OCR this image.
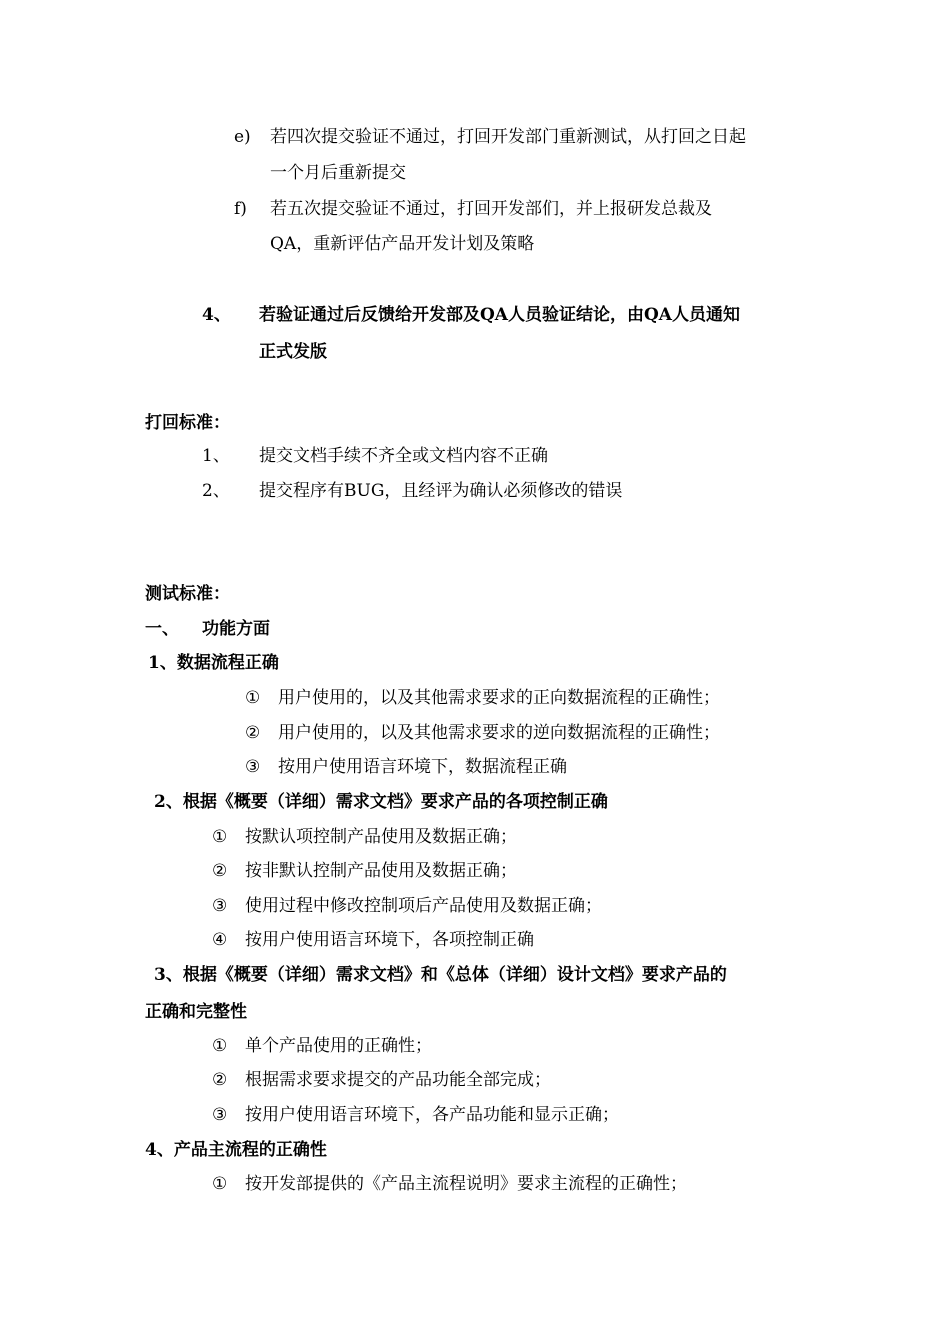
e) 若四次提交验证不通过，打回开发部门重新测试，从打回之日起
一个月后重新提交
f) 若五次提交验证不通过，打回开发部们，并上报研发总裁及
QA，重新评估产品开发计划及策略
4、 若验证通过后反馈给开发部及QA人员验证结论，由QA人员通知
正式发版
打回标准：
1、 提交文档手续不齐全或文档内容不正确
2、 提交程序有BUG，且经评为确认必须修改的错误
测试标准：
一、 功能方面
1、数据流程正确
① 用户使用的，以及其他需求要求的正向数据流程的正确性；
② 用户使用的，以及其他需求要求的逆向数据流程的正确性；
③ 按用户使用语言环境下，数据流程正确
2、根据《概要（详细）需求文档》要求产品的各项控制正确
① 按默认项控制产品使用及数据正确；
② 按非默认控制产品使用及数据正确；
③ 使用过程中修改控制项后产品使用及数据正确；
④ 按用户使用语言环境下，各项控制正确
3、根据《概要（详细）需求文档》和《总体（详细）设计文档》要求产品的
正确和完整性
① 单个产品使用的正确性；
② 根据需求要求提交的产品功能全部完成；
③ 按用户使用语言环境下，各产品功能和显示正确；
4、产品主流程的正确性
① 按开发部提供的《产品主流程说明》要求主流程的正确性；
